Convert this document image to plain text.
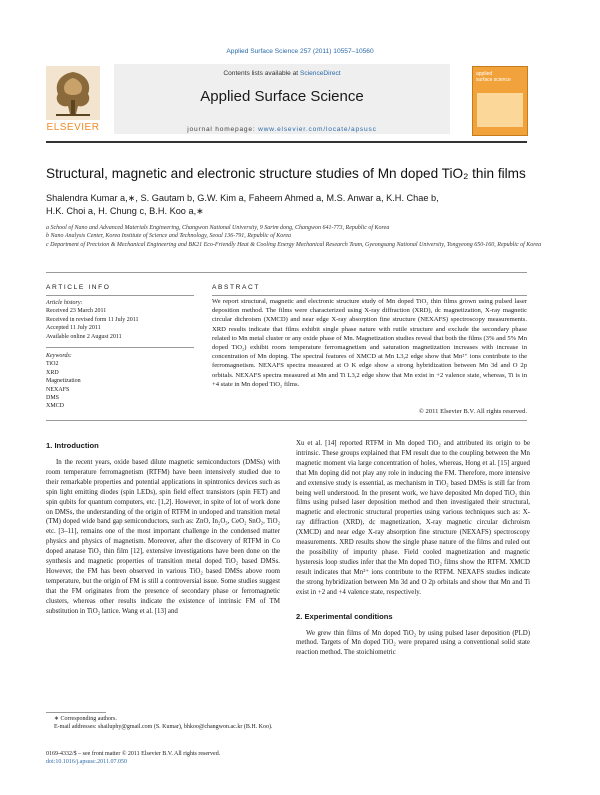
Applied Surface Science 257 (2011) 10557–10560
ELSEVIER
Contents lists available at ScienceDirect
Applied Surface Science
journal homepage: www.elsevier.com/locate/apsusc
applied
surface science
Structural, magnetic and electronic structure studies of Mn doped TiO₂ thin films
Shalendra Kumar a,∗, S. Gautam b, G.W. Kim a, Faheem Ahmed a, M.S. Anwar a, K.H. Chae b,
H.K. Choi a, H. Chung c, B.H. Koo a,∗
a School of Nano and Advanced Materials Engineering, Changwon National University, 9 Sarim dong, Changwon 641-773, Republic of Korea
b Nano Analysis Center, Korea Institute of Science and Technology, Seoul 136-791, Republic of Korea
c Department of Precision & Mechanical Engineering and BK21 Eco-Friendly Heat & Cooling Energy Mechanical Research Team, Gyeongsang National University, Tongyeong 650-160, Republic of Korea
ARTICLE INFO	ABSTRACT
Article history:
Received 23 March 2011
Received in revised form 11 July 2011
Accepted 11 July 2011
Available online 2 August 2011
Keywords:
TiO2
XRD
Magnetization
NEXAFS
DMS
XMCD
We report structural, magnetic and electronic structure study of Mn doped TiO₂ thin films grown using pulsed laser deposition method. The films were characterized using X-ray diffraction (XRD), dc magnetization, X-ray magnetic circular dichroism (XMCD) and near edge X-ray absorption fine structure (NEXAFS) spectroscopy measurements. XRD results indicate that films exhibit single phase nature with rutile structure and exclude the secondary phase related to Mn metal cluster or any oxide phase of Mn. Magnetization studies reveal that both the films (3% and 5% Mn doped TiO₂) exhibit room temperature ferromagnetism and saturation magnetization increases with increase in concentration of Mn doping. The spectral features of XMCD at Mn L3,2 edge show that Mn²⁺ ions contribute to the ferromagnetism. NEXAFS spectra measured at O K edge show a strong hybridization between Mn 3d and O 2p orbitals. NEXAFS spectra measured at Mn and Ti L3,2 edge show that Mn exist in +2 valence state, whereas, Ti is in +4 state in Mn doped TiO₂ films.
© 2011 Elsevier B.V. All rights reserved.

1. Introduction

In the recent years, oxide based dilute magnetic semiconductors (DMSs) with room temperature ferromagnetism (RTFM) have been intensively studied due to their remarkable properties and potential applications in spintronics devices such as spin light emitting diodes (spin LEDs), spin field effect transistors (spin FET) and spin qubits for quantum computers, etc. [1,2]. However, in spite of lot of work done on DMSs, the understanding of the origin of RTFM in undoped and transition metal (TM) doped wide band gap semiconductors, such as: ZnO, In₂O₃, CeO₂ SnO₂, TiO₂ etc. [3–11], remains one of the most important challenge in the condensed matter physics and physics of magnetism. Moreover, after the discovery of RTFM in Co doped anatase TiO₂ thin film [12], extensive investigations have been done on the synthesis and magnetic properties of transition metal doped TiO₂ based DMSs. However, the FM has been observed in various TiO₂ based DMSs above room temperature, but the origin of FM is still a controversial issue. Some studies suggest that the FM originates from the presence of secondary phase or ferromagnetic clusters, whereas other results indicate the existence of intrinsic FM of TM substitution in TiO₂ lattice. Wang et al. [13] and

Xu et al. [14] reported RTFM in Mn doped TiO₂ and attributed its origin to be intrinsic. These groups explained that FM result due to the coupling between the Mn magnetic moment via large concentration of holes, whereas, Hong et al. [15] argued that Mn doping did not play any role in inducing the FM. Therefore, more intensive and extensive study is essential, as mechanism in TiO₂ based DMSs is still far from being well understood. In the present work, we have deposited Mn doped TiO₂ thin films using pulsed laser deposition method and then investigated their structural, magnetic and electronic structural properties using various techniques such as: X-ray diffraction (XRD), dc magnetization, X-ray magnetic circular dichroism (XMCD) and near edge X-ray absorption fine structure (NEXAFS) spectroscopy measurements. XRD results show the single phase nature of the films and ruled out the possibility of impurity phase. Field cooled magnetization and magnetic hysteresis loop studies infer that the Mn doped TiO₂ films show the RTFM. XMCD result indicates that Mn²⁺ ions contribute to the RTFM. NEXAFS studies indicate the strong hybridization between Mn 3d and O 2p orbitals and show that Mn and Ti exist in +2 and +4 valence state, respectively.

2. Experimental conditions

We grew thin films of Mn doped TiO₂ by using pulsed laser deposition (PLD) method. Targets of Mn doped TiO₂ were prepared using a conventional solid state reaction method. The stoichiometric

∗ Corresponding authors.
E-mail addresses: shailuphy@gmail.com (S. Kumar), bhkoo@changwon.ac.kr (B.H. Koo).
0169-4332/$ – see front matter © 2011 Elsevier B.V. All rights reserved.
doi:10.1016/j.apsusc.2011.07.050
